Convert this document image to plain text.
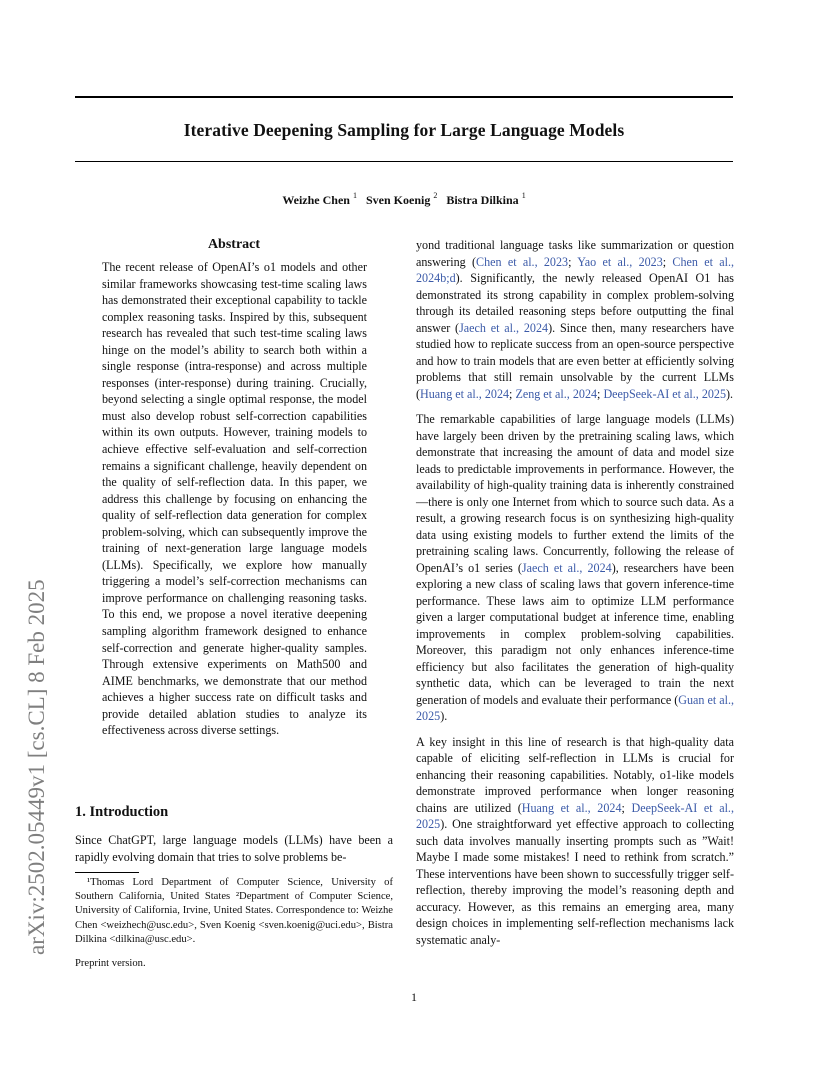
arXiv:2502.05449v1 [cs.CL] 8 Feb 2025
Iterative Deepening Sampling for Large Language Models
Weizhe Chen $^1$ Sven Koenig $^2$ Bistra Dilkina $^1$
Abstract
The recent release of OpenAI’s o1 models and other similar frameworks showcasing test-time scaling laws has demonstrated their exceptional capability to tackle complex reasoning tasks. Inspired by this, subsequent research has revealed that such test-time scaling laws hinge on the model’s ability to search both within a single response (intra-response) and across multiple responses (inter-response) during training. Crucially, beyond selecting a single optimal response, the model must also develop robust self-correction capabilities within its own outputs. However, training models to achieve effective self-evaluation and self-correction remains a significant challenge, heavily dependent on the quality of self-reflection data. In this paper, we address this challenge by focusing on enhancing the quality of self-reflection data generation for complex problem-solving, which can subsequently improve the training of next-generation large language models (LLMs). Specifically, we explore how manually triggering a model’s self-correction mechanisms can improve performance on challenging reasoning tasks. To this end, we propose a novel iterative deepening sampling algorithm framework designed to enhance self-correction and generate higher-quality samples. Through extensive experiments on Math500 and AIME benchmarks, we demonstrate that our method achieves a higher success rate on difficult tasks and provide detailed ablation studies to analyze its effectiveness across diverse settings.
1. Introduction
Since ChatGPT, large language models (LLMs) have been a rapidly evolving domain that tries to solve problems be-
¹Thomas Lord Department of Computer Science, University of Southern California, United States ²Department of Computer Science, University of California, Irvine, United States. Correspondence to: Weizhe Chen <weizhech@usc.edu>, Sven Koenig <sven.koenig@uci.edu>, Bistra Dilkina <dilkina@usc.edu>.
Preprint version.

yond traditional language tasks like summarization or question answering (Chen et al., 2023; Yao et al., 2023; Chen et al., 2024b;d). Significantly, the newly released OpenAI O1 has demonstrated its strong capability in complex problem-solving through its detailed reasoning steps before outputting the final answer (Jaech et al., 2024). Since then, many researchers have studied how to replicate success from an open-source perspective and how to train models that are even better at efficiently solving problems that still remain unsolvable by the current LLMs (Huang et al., 2024; Zeng et al., 2024; DeepSeek-AI et al., 2025).

The remarkable capabilities of large language models (LLMs) have largely been driven by the pretraining scaling laws, which demonstrate that increasing the amount of data and model size leads to predictable improvements in performance. However, the availability of high-quality training data is inherently constrained—there is only one Internet from which to source such data. As a result, a growing research focus is on synthesizing high-quality data using existing models to further extend the limits of the pretraining scaling laws. Concurrently, following the release of OpenAI’s o1 series (Jaech et al., 2024), researchers have been exploring a new class of scaling laws that govern inference-time performance. These laws aim to optimize LLM performance given a larger computational budget at inference time, enabling improvements in complex problem-solving capabilities. Moreover, this paradigm not only enhances inference-time efficiency but also facilitates the generation of high-quality synthetic data, which can be leveraged to train the next generation of models and evaluate their performance (Guan et al., 2025).

A key insight in this line of research is that high-quality data capable of eliciting self-reflection in LLMs is crucial for enhancing their reasoning capabilities. Notably, o1-like models demonstrate improved performance when longer reasoning chains are utilized (Huang et al., 2024; DeepSeek-AI et al., 2025). One straightforward yet effective approach to collecting such data involves manually inserting prompts such as ”Wait! Maybe I made some mistakes! I need to rethink from scratch.” These interventions have been shown to successfully trigger self-reflection, thereby improving the model’s reasoning depth and accuracy. However, as this remains an emerging area, many design choices in implementing self-reflection mechanisms lack systematic analy-

1
